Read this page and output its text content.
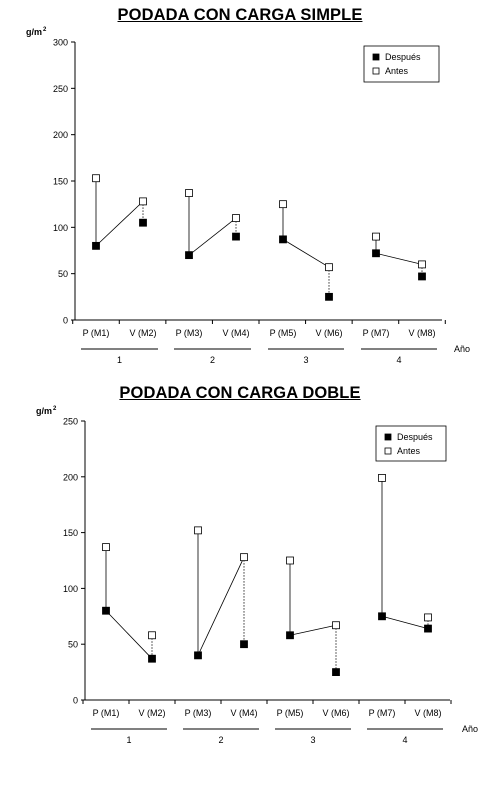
PODADA CON CARGA SIMPLE
0
50
100
150
200
250
300
P (M1) V (M2) P (M3) V (M4) P (M5) V (M6) P (M7) V (M8)
1	2	3	4
Año
g/m 2
Después
Antes
PODADA CON CARGA DOBLE
0
50
100
150
200
250
P (M1) V (M2) P (M3) V (M4) P (M5) V (M6) P (M7) V (M8)
1	2	3	4
Año
g/m 2
Después
Antes
